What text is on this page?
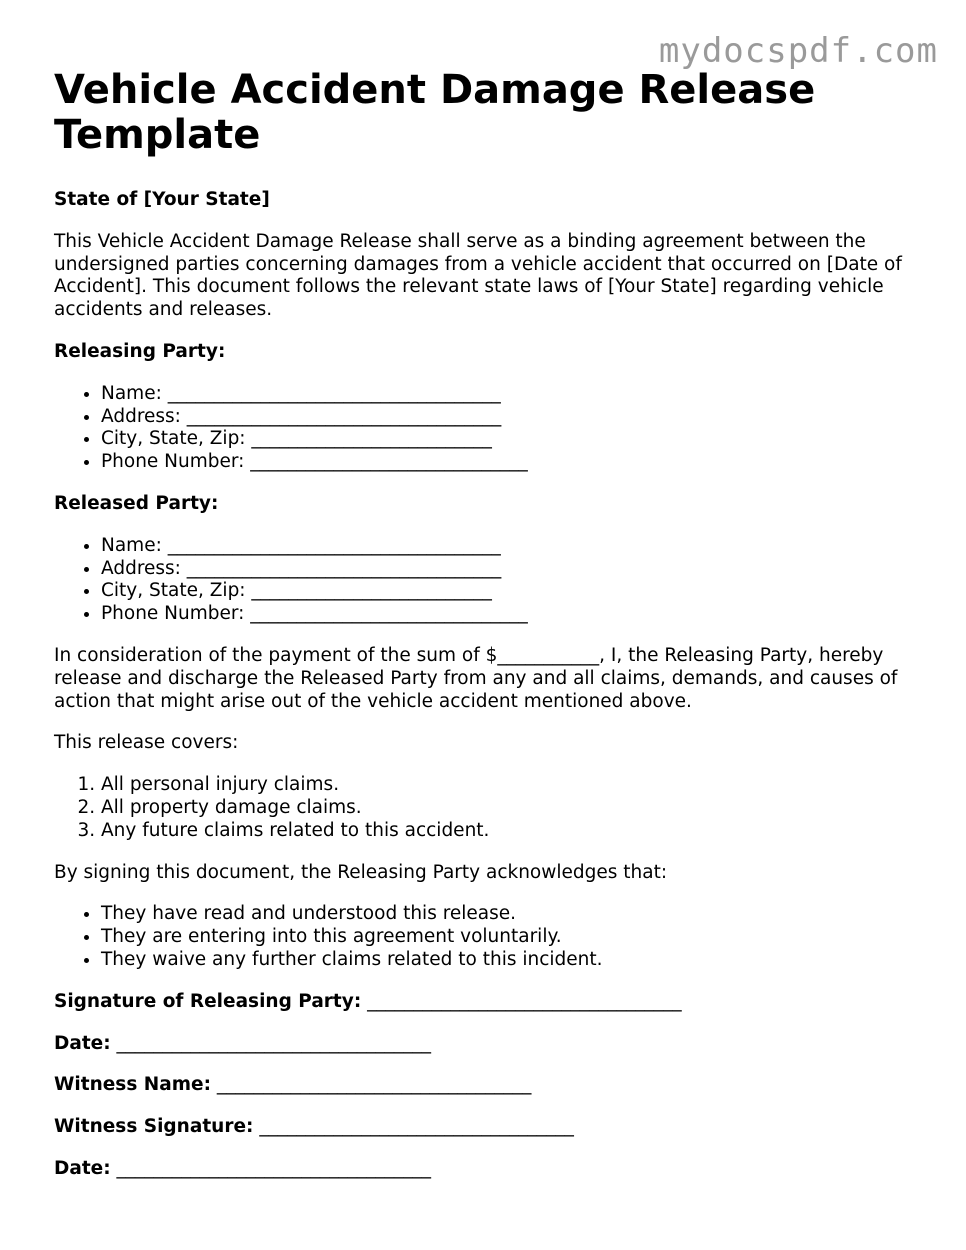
mydocspdf.com
Vehicle Accident Damage Release Template

State of [Your State]

This Vehicle Accident Damage Release shall serve as a binding agreement between the undersigned parties concerning damages from a vehicle accident that occurred on [Date of Accident]. This document follows the relevant state laws of [Your State] regarding vehicle accidents and releases.

Releasing Party:

• Name: ____________________________________
• Address: __________________________________
• City, State, Zip: __________________________
• Phone Number: ______________________________

Released Party:

• Name: ____________________________________
• Address: __________________________________
• City, State, Zip: __________________________
• Phone Number: ______________________________

In consideration of the payment of the sum of $___________, I, the Releasing Party, hereby release and discharge the Released Party from any and all claims, demands, and causes of action that might arise out of the vehicle accident mentioned above.

This release covers:

1. All personal injury claims.
2. All property damage claims.
3. Any future claims related to this accident.

By signing this document, the Releasing Party acknowledges that:

• They have read and understood this release.
• They are entering into this agreement voluntarily.
• They waive any further claims related to this incident.

Signature of Releasing Party: __________________________________

Date: __________________________________

Witness Name: __________________________________

Witness Signature: __________________________________

Date: __________________________________
